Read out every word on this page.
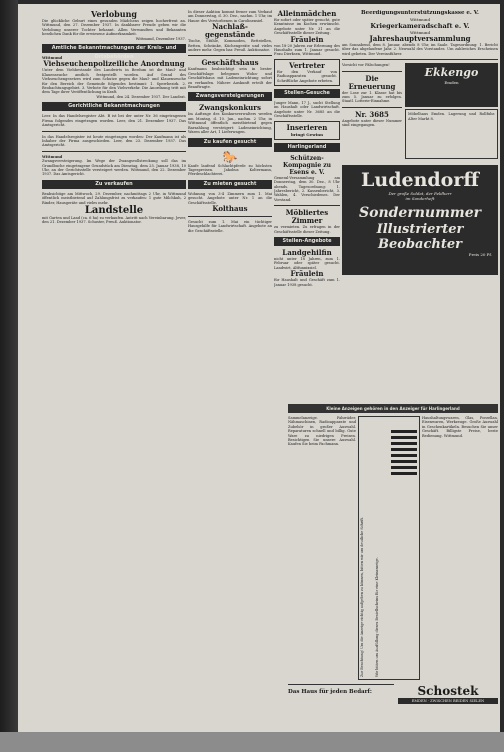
Verlobung
Die glückliche Geburt eines gesunden Mädchens zeigen hocherfreut an. Wittmund, den 27. Dezember 1937. In dankbarer Freude geben wir die Verlobung unserer Tochter bekannt. Allen Verwandten und Bekannten herzlichen Dank für die erwiesene Aufmerksamkeit.
Wittmund, Dezember 1937.
Amtliche Bekanntmachungen der Kreis- und Ortsbehörden
Wittmund
Viehseuchenpolizeiliche Anordnung
Unter dem Viehbestande des Landwirts in Berdum ist die Maul- und Klauenseuche amtlich festgestellt worden. Auf Grund des Viehseuchengesetzes wird zum Schutze gegen die Maul- und Klauenseuche für den Bereich der Gemeinde folgendes bestimmt: 1. Sperrbezirk. 2. Beobachtungsgebiet. 3. Verbote für den Viehverkehr. Die Anordnung tritt mit dem Tage ihrer Veröffentlichung in Kraft.
Wittmund, den 24. Dezember 1937. Der Landrat.
Gerichtliche Bekanntmachungen
Leer. In das Handelsregister Abt. B ist bei der unter Nr. 36 eingetragenen Firma folgendes eingetragen worden. Leer, den 21. Dezember 1937. Das Amtsgericht.
In das Handelsregister ist heute eingetragen worden: Der Kaufmann ist als Inhaber der Firma ausgeschieden. Leer, den 23. Dezember 1937. Das Amtsgericht.
Wittmund
Zwangsversteigerung. Im Wege der Zwangsvollstreckung soll das im Grundbuche eingetragene Grundstück am Dienstag, dem 25. Januar 1938, 10 Uhr, an der Gerichtsstelle versteigert werden. Wittmund, den 22. Dezember 1937. Das Amtsgericht.
Zu verkaufen
Beabsichtige am Mittwoch, 29. Dezember, nachmittags 2 Uhr, in Wittmund öffentlich meistbietend auf Zahlungsfrist zu verkaufen: 1 gute Milchkuh, 2 Rinder, Hausgeräte und vieles mehr.
Landstelle
mit Garten und Land (ca. 6 ha) zu verkaufen. Antritt nach Vereinbarung. Jever, den 21. Dezember 1937. Schuster, Preuß. Auktionator.
In dieser Auktion kommt ferner zum Verkauf am Donnerstag, d. 30. Dez., nachm. 1 Uhr, im Hause des Verstorbenen in Carolinensiel.
Nachlaß-gegenstände
Tische, Stühle, Kommoden, Bettstellen, Betten, Schränke, Küchengeräte und vieles andere mehr. Gegen bar. Preuß. Auktionator.
Geschäftshaus
Kaufmann beabsichtigt sein in bester Geschäftslage belegenes Wohn- und Geschäftshaus mit Ladeneinrichtung sofort zu verkaufen. Nähere Auskunft erteilt der Beauftragte.
Zwangsversteigerungen
Zwangskonkurs
Im Auftrage des Konkursverwalters werden am Montag, d. 10. Jan., nachm. 2 Uhr, in Wittmund öffentlich meistbietend gegen Barzahlung versteigert: Ladeneinrichtung, Waren aller Art, 1 Lieferwagen.
Zu kaufen gesucht
🐎
Kaufe laufend Schlachtpferde zu höchsten Tagespreisen. Jakobus Koltermann, Pferdeschlachterei.
Zu mieten gesucht
Wohnung von 3-4 Zimmern zum 1. Mai gesucht. Angebote unter Nr. 1 an die Geschäftsstelle.
Kolthaus
Gesucht zum 1. Mai ein tüchtiger Hausgehilfe für Landwirtschaft. Angebote an die Geschäftsstelle.
Alleinmädchen
für sofort oder später gesucht, gute Kenntnisse im Kochen erwünscht. Angebote unter Nr. 31 an die Geschäftsstelle dieser Zeitung.
Fräulein
von 18-20 Jahren zur Erlernung des Haushalts zum 1. Januar gesucht. Frau Dierksen, Wittmund.
Vertreter
für den Verkauf von Radioapparaten gesucht. Schriftliche Angebote erbeten.
Stellen-Gesuche
Junger Mann, 17 J., sucht Stellung im Haushalt oder Landwirtschaft. Angebote unter Nr. 3685 an die Geschäftsstelle.
Inserieren
bringt Gewinn
Harlingerland
Schützen-Kompagnie zu Esens e. V.
General-Versammlung am Donnerstag, dem 30. Dez., 8 Uhr abends. Tagesordnung: 1. Jahresbericht, 2. Kassenbericht, 3. Wahlen, 4. Verschiedenes. Der Vorstand.
Möbliertes Zimmer
zu vermieten. Zu erfragen in der Geschäftsstelle dieser Zeitung.
Stellen-Angebote
Landgehilfin
nicht unter 18 Jahren, zum 1. Februar oder später gesucht. Landwirt, Altfunnixsiel.
Fräulein
für Haushalt und Geschäft zum 1. Januar 1938 gesucht.
Beerdigungsunterstützungskasse e. V.
Wittmund
Kriegerkameradschaft e. V.
Wittmund
Jahreshauptversammlung
am Sonnabend, dem 8. Januar, abends 8 Uhr, im Saale. Tagesordnung: 1. Bericht über das abgelaufene Jahr. 2. Neuwahl des Vorstandes. Um zahlreiches Erscheinen wird gebeten. Der Vereinsführer.
Vorsicht vor Fälschungen!
Die Erneuerung
der Lose zur 1. Klasse hat bis zum 5. Januar zu erfolgen. Staatl. Lotterie-Einnahme.
Nr. 3685
Angebote unter dieser Nummer sind eingegangen.
Ekkengo
Emden
Möbelhaus Emden. Lagerung und Rollfuhr. Alter Markt 8.
Ludendorff
Der große Soldat, der Feldherr
im Sonderheft
Sondernummer
Illustrierter
Beobachter
Preis 20 Pf.
Kleine Anzeigen gehören in den Anzeiger für Harlingerland
Sammelanzeige. Fahrräder, Nähmaschinen, Radioapparate und Zubehör in großer Auswahl. Reparaturen schnell und billig. Gute Ware zu niedrigen Preisen. Besichtigen Sie unsere Auswahl. Kaufen Sie beim Fachmann.
Zur Beachtung! Um die Anzeige richtig aufgeben zu können, bitten wir um deutliche Schrift.	Wir bitten um Ausfüllung dieses Bestellscheins für eine Kleinanzeige.
Haushaltungswaren, Glas, Porzellan, Eisenwaren, Werkzeuge. Große Auswahl in Geschenkartikeln. Besuchen Sie unser Geschäft. Billigste Preise, beste Bedienung. Wittmund.
Das Haus für jeden Bedarf:	Schostek
EMDEN · ZWISCHEN BEIDEN SIELEN
